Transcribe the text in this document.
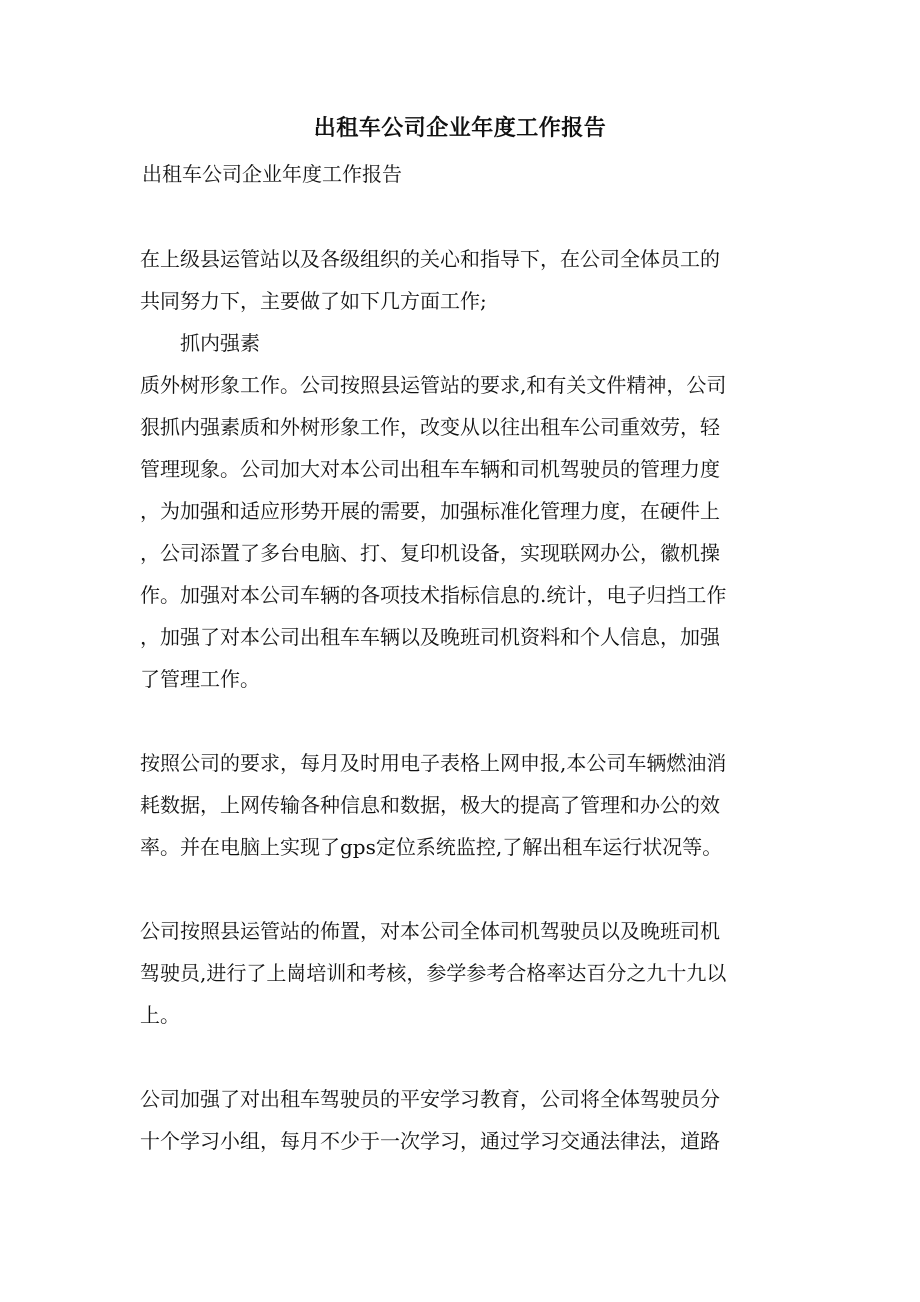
出租车公司企业年度工作报告

出租车公司企业年度工作报告

在上级县运管站以及各级组织的关心和指导下，在公司全体员工的
共同努力下，主要做了如下几方面工作;

抓内强素

质外树形象工作。公司按照县运管站的要求,和有关文件精神，公司
狠抓内强素质和外树形象工作，改变从以往出租车公司重效劳，轻
管理现象。公司加大对本公司出租车车辆和司机驾驶员的管理力度
，为加强和适应形势开展的需要，加强标准化管理力度，在硬件上
，公司添置了多台电脑、打、复印机设备，实现联网办公，徽机操
作。加强对本公司车辆的各项技术指标信息的.统计，电子归挡工作
，加强了对本公司出租车车辆以及晚班司机资料和个人信息，加强
了管理工作。

按照公司的要求，每月及时用电子表格上网申报,本公司车辆燃油消
耗数据，上网传输各种信息和数据，极大的提高了管理和办公的效
率。并在电脑上实现了gps定位系统监控,了解出租车运行状况等。

公司按照县运管站的佈置，对本公司全体司机驾驶员以及晚班司机
驾驶员,进行了上崗培训和考核，参学参考合格率达百分之九十九以
上。

公司加强了对出租车驾驶员的平安学习教育，公司将全体驾驶员分
十个学习小组，每月不少于一次学习，通过学习交通法律法，道路
